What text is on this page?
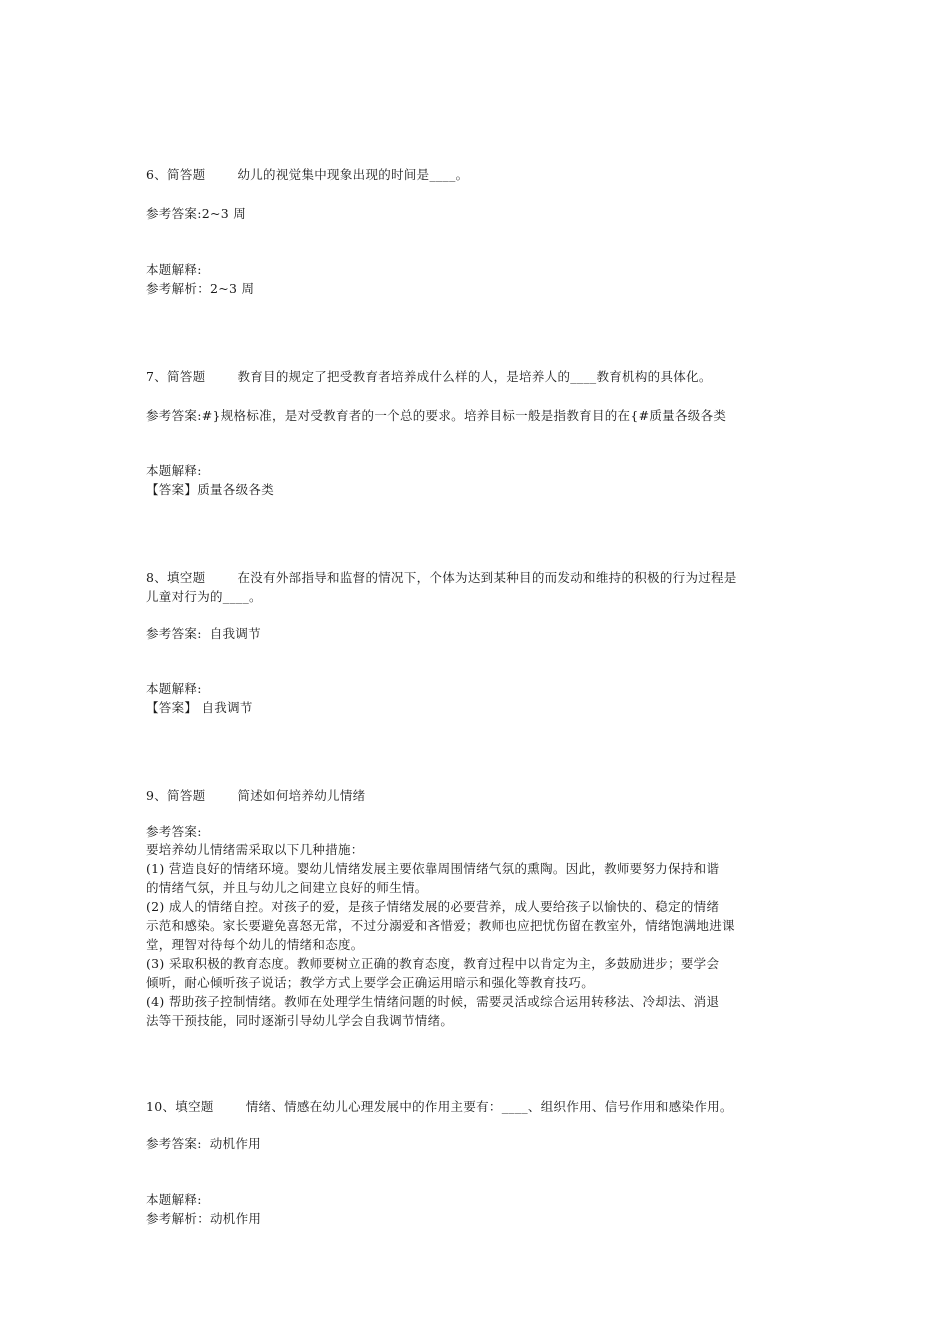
6、简答题	幼儿的视觉集中现象出现的时间是____。
参考答案:2~3 周
本题解释:
参考解析：2~3 周
7、简答题	教育目的规定了把受教育者培养成什么样的人，是培养人的____教育机构的具体化。
参考答案:#}规格标准，是对受教育者的一个总的要求。培养目标一般是指教育目的在{#质量各级各类
本题解释:
【答案】质量各级各类
8、填空题	在没有外部指导和监督的情况下，个体为达到某种目的而发动和维持的积极的行为过程是
儿童对行为的____。
参考答案: 自我调节
本题解释:
【答案】 自我调节
9、简答题	简述如何培养幼儿情绪
参考答案:
要培养幼儿情绪需采取以下几种措施：
(1) 营造良好的情绪环境。婴幼儿情绪发展主要依靠周围情绪气氛的熏陶。因此，教师要努力保持和谐
的情绪气氛，并且与幼儿之间建立良好的师生情。
(2) 成人的情绪自控。对孩子的爱，是孩子情绪发展的必要营养，成人要给孩子以愉快的、稳定的情绪
示范和感染。家长要避免喜怒无常，不过分溺爱和吝惜爱；教师也应把忧伤留在教室外，情绪饱满地进课
堂，理智对待每个幼儿的情绪和态度。
(3) 采取积极的教育态度。教师要树立正确的教育态度，教育过程中以肯定为主，多鼓励进步；要学会
倾听，耐心倾听孩子说话；教学方式上要学会正确运用暗示和强化等教育技巧。
(4) 帮助孩子控制情绪。教师在处理学生情绪问题的时候，需要灵活或综合运用转移法、冷却法、消退
法等干预技能，同时逐渐引导幼儿学会自我调节情绪。
10、填空题	情绪、情感在幼儿心理发展中的作用主要有：____、组织作用、信号作用和感染作用。
参考答案: 动机作用
本题解释:
参考解析：动机作用
